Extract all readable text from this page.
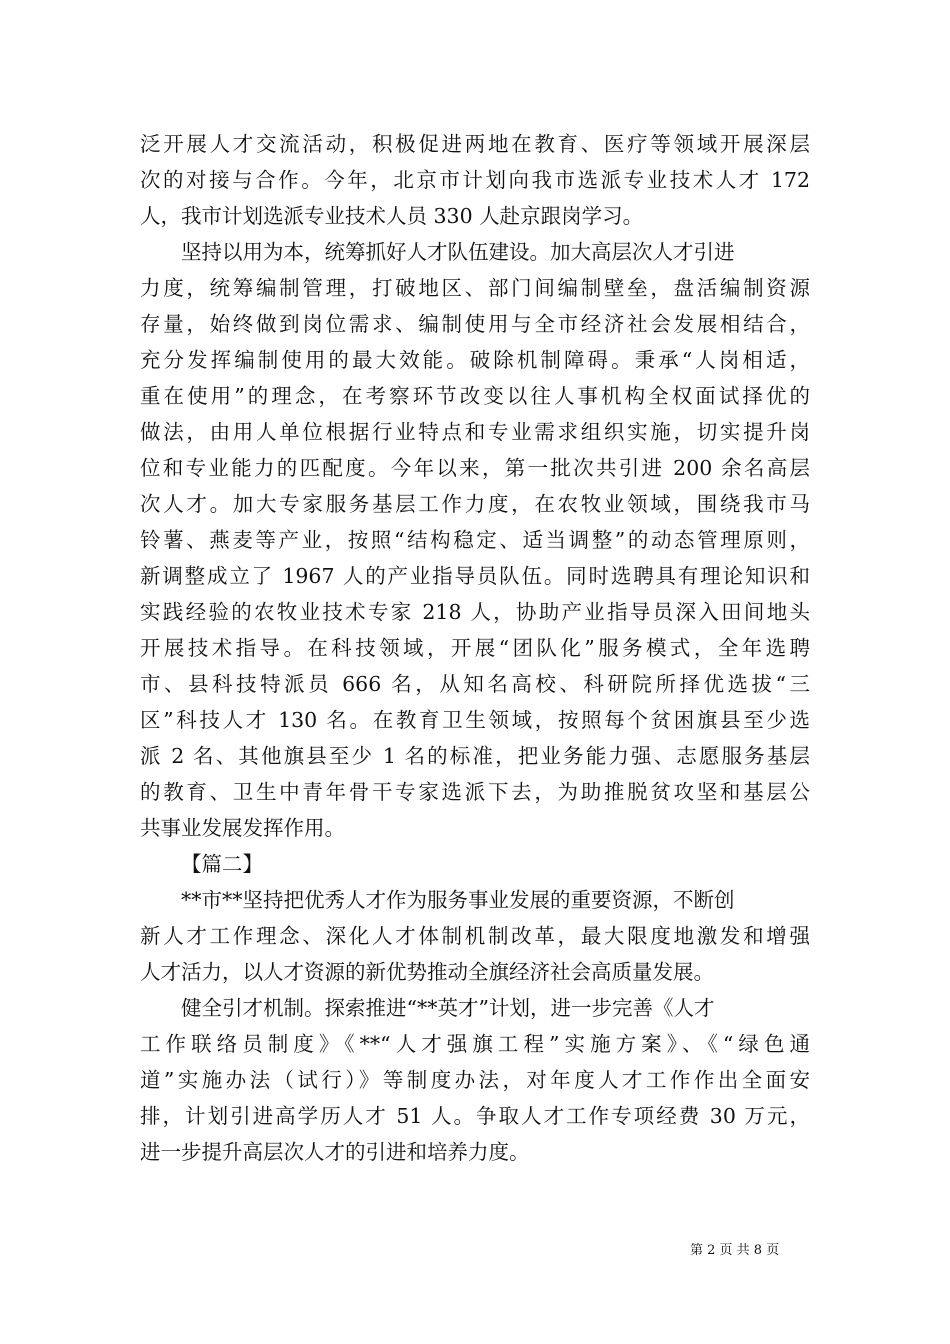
泛开展人才交流活动，积极促进两地在教育、医疗等领域开展深层
次的对接与合作。今年，北京市计划向我市选派专业技术人才 172
人，我市计划选派专业技术人员 330 人赴京跟岗学习。
坚持以用为本，统筹抓好人才队伍建设。加大高层次人才引进
力度，统筹编制管理，打破地区、部门间编制壁垒，盘活编制资源
存量，始终做到岗位需求、编制使用与全市经济社会发展相结合，
充分发挥编制使用的最大效能。破除机制障碍。秉承“人岗相适，
重在使用”的理念，在考察环节改变以往人事机构全权面试择优的
做法，由用人单位根据行业特点和专业需求组织实施，切实提升岗
位和专业能力的匹配度。今年以来，第一批次共引进 200 余名高层
次人才。加大专家服务基层工作力度，在农牧业领域，围绕我市马
铃薯、燕麦等产业，按照“结构稳定、适当调整”的动态管理原则，
新调整成立了 1967 人的产业指导员队伍。同时选聘具有理论知识和
实践经验的农牧业技术专家 218 人，协助产业指导员深入田间地头
开展技术指导。在科技领域，开展“团队化”服务模式，全年选聘
市、县科技特派员 666 名，从知名高校、科研院所择优选拔“三
区”科技人才 130 名。在教育卫生领域，按照每个贫困旗县至少选
派 2 名、其他旗县至少 1 名的标准，把业务能力强、志愿服务基层
的教育、卫生中青年骨干专家选派下去，为助推脱贫攻坚和基层公
共事业发展发挥作用。
【篇二】
**市**坚持把优秀人才作为服务事业发展的重要资源，不断创
新人才工作理念、深化人才体制机制改革，最大限度地激发和增强
人才活力，以人才资源的新优势推动全旗经济社会高质量发展。
健全引才机制。探索推进“**英才”计划，进一步完善《人才
工作联络员制度》《**“人才强旗工程”实施方案》、《“绿色通
道”实施办法（试行）》等制度办法，对年度人才工作作出全面安
排，计划引进高学历人才 51 人。争取人才工作专项经费 30 万元，
进一步提升高层次人才的引进和培养力度。
第 2 页 共 8 页
